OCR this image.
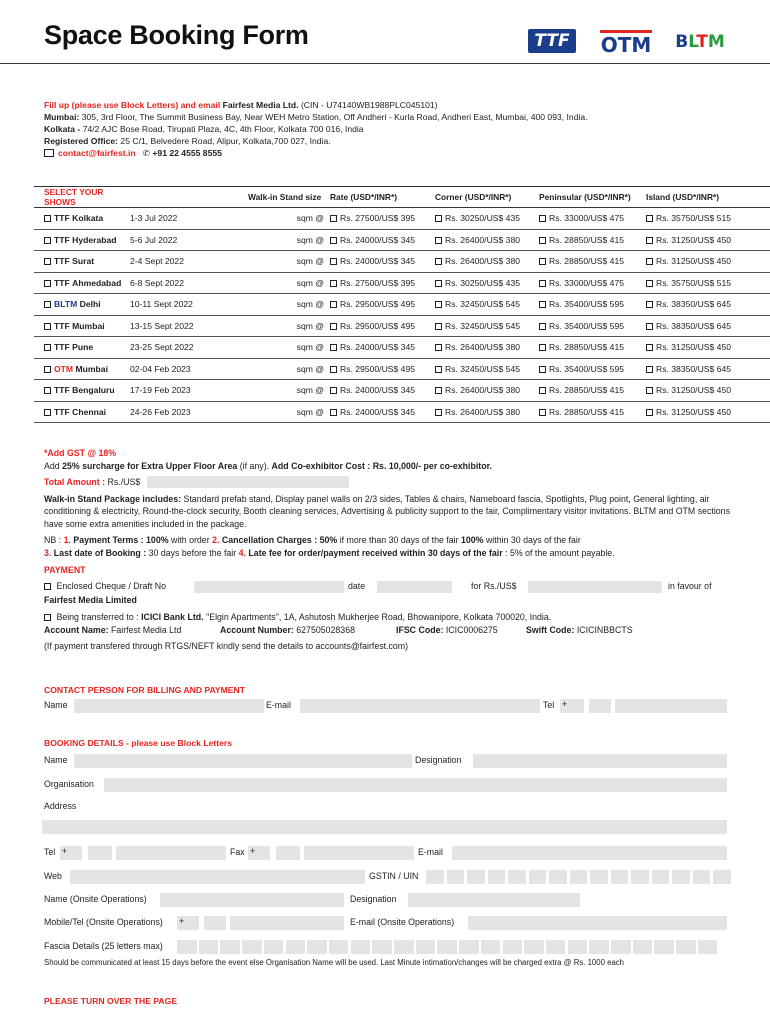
Space Booking Form	TTF	OTM BLTM
Fill up (please use Block Letters) and email Fairfest Media Ltd. (CIN - U74140WB1988PLC045101)
Mumbai: 305, 3rd Floor, The Summit Business Bay, Near WEH Metro Station, Off Andheri - Kurla Road, Andheri East, Mumbai, 400 093, India.
Kolkata - 74/2 AJC Bose Road, Tirupati Plaza, 4C, 4th Floor, Kolkata 700 016, India
Registered Office: 25 C/1, Belvedere Road, Alipur, Kolkata,700 027, India.
contact@fairfest.in ✆ +91 22 4555 8555
SELECT YOUR SHOWS		Walk-in Stand size	Rate (USD*/INR*)	Corner (USD*/INR*)	Peninsular (USD*/INR*)	Island (USD*/INR*)
TTF Kolkata	1-3 Jul 2022	sqm @	Rs. 27500/US$ 395	Rs. 30250/US$ 435	Rs. 33000/US$ 475	Rs. 35750/US$ 515
TTF Hyderabad	5-6 Jul 2022	sqm @	Rs. 24000/US$ 345	Rs. 26400/US$ 380	Rs. 28850/US$ 415	Rs. 31250/US$ 450
TTF Surat	2-4 Sept 2022	sqm @	Rs. 24000/US$ 345	Rs. 26400/US$ 380	Rs. 28850/US$ 415	Rs. 31250/US$ 450
TTF Ahmedabad	6-8 Sept 2022	sqm @	Rs. 27500/US$ 395	Rs. 30250/US$ 435	Rs. 33000/US$ 475	Rs. 35750/US$ 515
BLTM Delhi	10-11 Sept 2022	sqm @	Rs. 29500/US$ 495	Rs. 32450/US$ 545	Rs. 35400/US$ 595	Rs. 38350/US$ 645
TTF Mumbai	13-15 Sept 2022	sqm @	Rs. 29500/US$ 495	Rs. 32450/US$ 545	Rs. 35400/US$ 595	Rs. 38350/US$ 645
TTF Pune	23-25 Sept 2022	sqm @	Rs. 24000/US$ 345	Rs. 26400/US$ 380	Rs. 28850/US$ 415	Rs. 31250/US$ 450
OTM Mumbai	02-04 Feb 2023	sqm @	Rs. 29500/US$ 495	Rs. 32450/US$ 545	Rs. 35400/US$ 595	Rs. 38350/US$ 645
TTF Bengaluru	17-19 Feb 2023	sqm @	Rs. 24000/US$ 345	Rs. 26400/US$ 380	Rs. 28850/US$ 415	Rs. 31250/US$ 450
TTF Chennai	24-26 Feb 2023	sqm @	Rs. 24000/US$ 345	Rs. 26400/US$ 380	Rs. 28850/US$ 415	Rs. 31250/US$ 450
*Add GST @ 18%
Add 25% surcharge for Extra Upper Floor Area (if any). Add Co-exhibitor Cost : Rs. 10,000/- per co-exhibitor.
Total Amount : Rs./US$
Walk-in Stand Package includes: Standard prefab stand, Display panel walls on 2/3 sides, Tables & chairs, Nameboard fascia, Spotlights, Plug point, General lighting, air conditioning & electricity, Round-the-clock security, Booth cleaning services, Advertising & publicity support to the fair, Complimentary visitor invitations. BLTM and OTM sections have some extra amenities included in the package.
NB : 1. Payment Terms : 100% with order 2. Cancellation Charges : 50% if more than 30 days of the fair 100% within 30 days of the fair
3. Last date of Booking : 30 days before the fair 4. Late fee for order/payment received within 30 days of the fair : 5% of the amount payable.
PAYMENT
Enclosed Cheque / Draft No	date	for Rs./US$	in favour of
Fairfest Media Limited
Being transferred to : ICICI Bank Ltd. "Elgin Apartments", 1A, Ashutosh Mukherjee Road, Bhowanipore, Kolkata 700020, India.
Account Name: Fairfest Media Ltd	Account Number: 627505028368	IFSC Code: ICIC0006275	Swift Code: ICICINBBCTS
(If payment transfered through RTGS/NEFT kindly send the details to accounts@fairfest.com)
CONTACT PERSON FOR BILLING AND PAYMENT
Name	E-mail	Tel +
BOOKING DETAILS - please use Block Letters
Name	Designation
Organisation
Address
Tel +	Fax +	E-mail
Web	GSTIN / UIN
Name (Onsite Operations)	Designation
Mobile/Tel (Onsite Operations) +	E-mail (Onsite Operations)
Fascia Details (25 letters max)
Should be communicated at least 15 days before the event else Organisation Name will be used. Last Minute intimation/changes will be charged extra @ Rs. 1000 each
PLEASE TURN OVER THE PAGE
